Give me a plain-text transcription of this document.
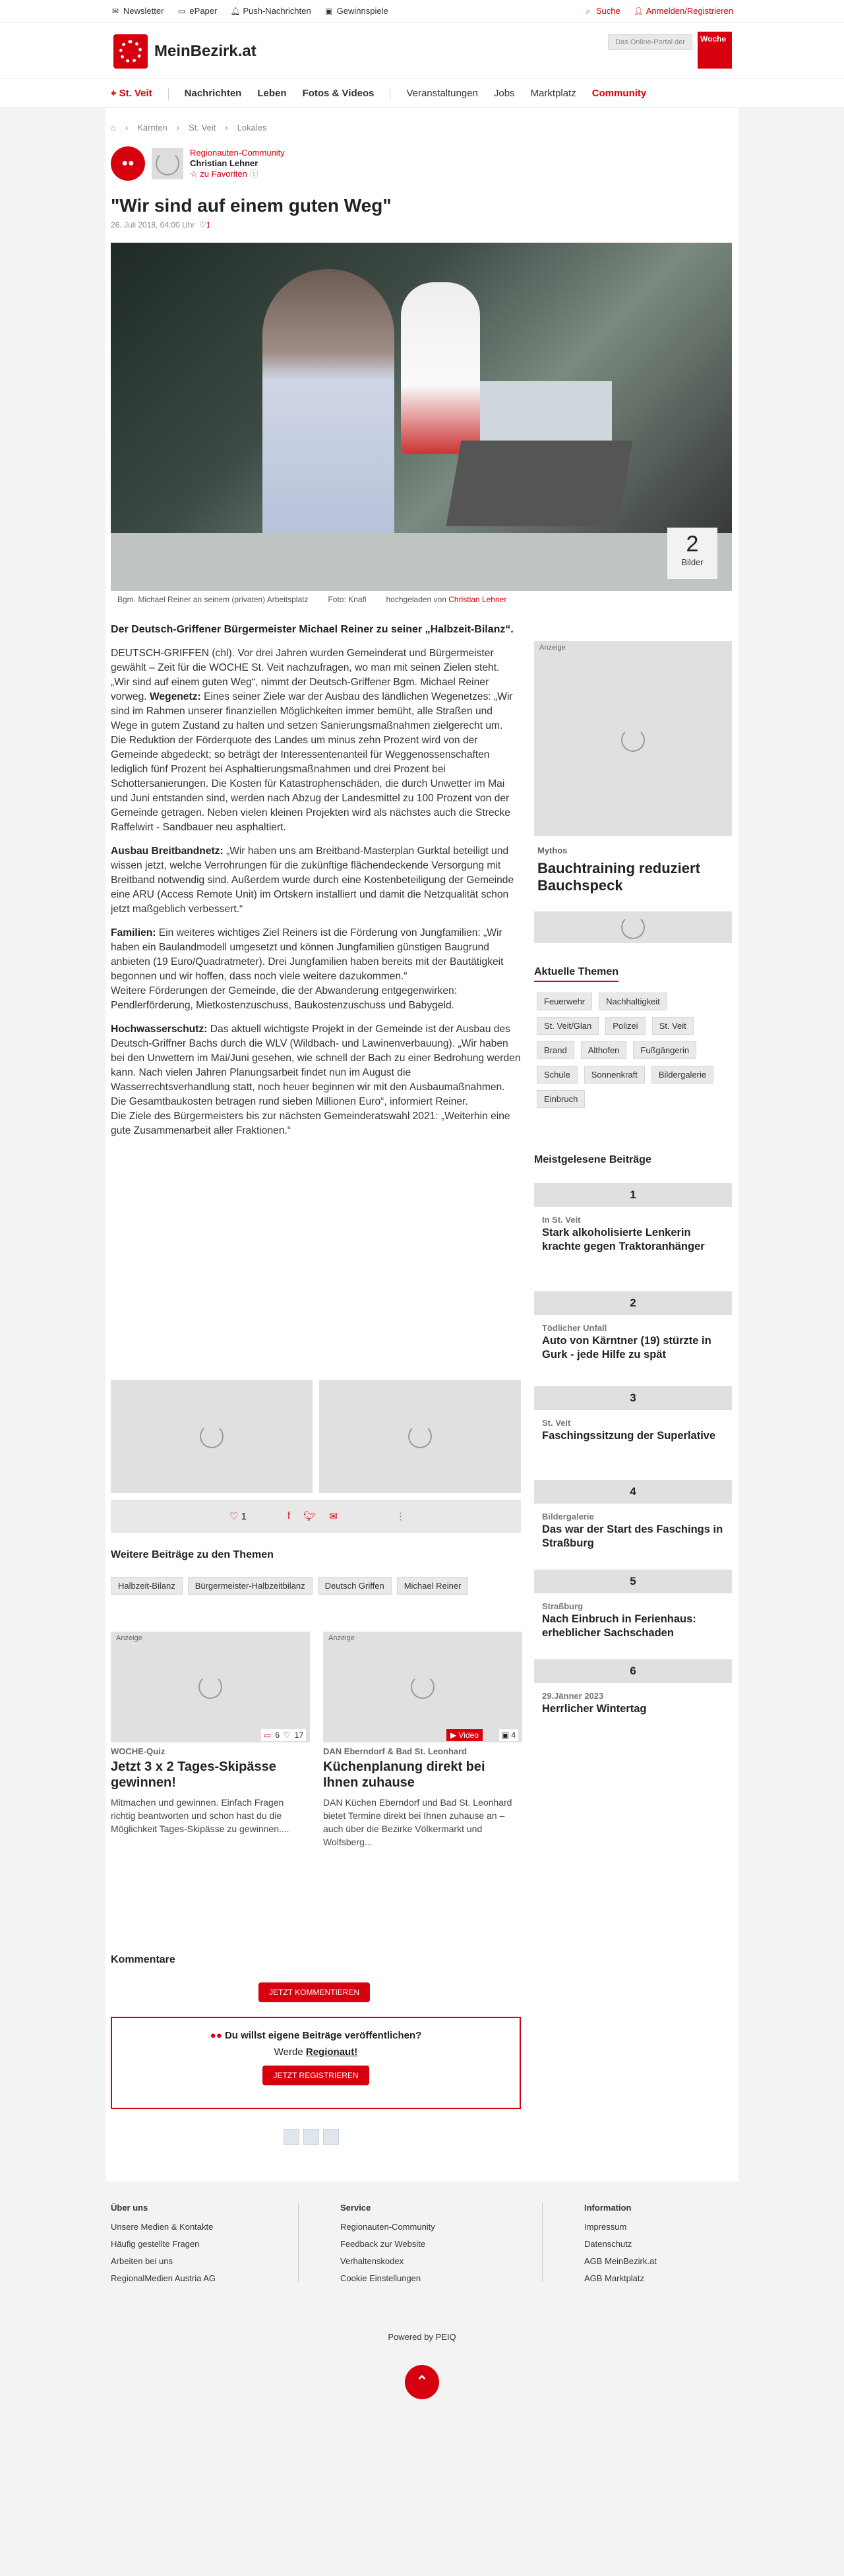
✉ Newsletter ▭ ePaper 🔔︎ Push-Nachrichten ▣ Gewinnspiele	⌕ Suche 👤︎ Anmelden/Registrieren
MeinBezirk.at	Das Online-Portal der	Woche
⌖ St. Veit	Nachrichten Leben Fotos & Videos	Veranstaltungen Jobs Marktplatz Community
⌂ › Kärnten › St. Veit › Lokales
●●
Regionauten-Community
Christian Lehner
☆ zu Favoriten ⓘ
"Wir sind auf einem guten Weg"
26. Juli 2018, 04:00 Uhr ♡1
2
Bilder
Bgm. Michael Reiner an seinem (privaten) Arbeitsplatz	Foto: Knafl	hochgeladen von Christian Lehner

Der Deutsch-Griffener Bürgermeister Michael Reiner zu seiner „Halbzeit-Bilanz“.

DEUTSCH-GRIFFEN (chl). Vor drei Jahren wurden Gemeinderat und Bürgermeister gewählt – Zeit für die WOCHE St. Veit nachzufragen, wo man mit seinen Zielen steht.
„Wir sind auf einem guten Weg“, nimmt der Deutsch-Griffener Bgm. Michael Reiner vorweg. Wegenetz: Eines seiner Ziele war der Ausbau des ländlichen Wegenetzes: „Wir sind im Rahmen unserer finanziellen Möglichkeiten immer bemüht, alle Straßen und Wege in gutem Zustand zu halten und setzen Sanierungsmaßnahmen zielgerecht um. Die Reduktion der Förderquote des Landes um minus zehn Prozent wird von der Gemeinde abgedeckt; so beträgt der Interessentenanteil für Weggenossenschaften lediglich fünf Prozent bei Asphaltierungsmaßnahmen und drei Prozent bei Schottersanierungen. Die Kosten für Katastrophenschäden, die durch Unwetter im Mai und Juni entstanden sind, werden nach Abzug der Landesmittel zu 100 Prozent von der Gemeinde getragen. Neben vielen kleinen Projekten wird als nächstes auch die Strecke Raffelwirt - Sandbauer neu asphaltiert.

Ausbau Breitbandnetz: „Wir haben uns am Breitband-Masterplan Gurktal beteiligt und wissen jetzt, welche Verrohrungen für die zukünftige flächendeckende Versorgung mit Breitband notwendig sind. Außerdem wurde durch eine Kostenbeteiligung der Gemeinde eine ARU (Access Remote Unit) im Ortskern installiert und damit die Netzqualität schon jetzt maßgeblich verbessert.“

Familien: Ein weiteres wichtiges Ziel Reiners ist die Förderung von Jungfamilien: „Wir haben ein Baulandmodell umgesetzt und können Jungfamilien günstigen Baugrund anbieten (19 Euro/Quadratmeter). Drei Jungfamilien haben bereits mit der Bautätigkeit begonnen und wir hoffen, dass noch viele weitere dazukommen.“
Weitere Förderungen der Gemeinde, die der Abwanderung entgegenwirken: Pendlerförderung, Mietkostenzuschuss, Baukostenzuschuss und Babygeld.

Hochwasserschutz: Das aktuell wichtigste Projekt in der Gemeinde ist der Ausbau des Deutsch-Griffner Bachs durch die WLV (Wildbach- und Lawinenverbauung). „Wir haben bei den Unwettern im Mai/Juni gesehen, wie schnell der Bach zu einer Bedrohung werden kann. Nach vielen Jahren Planungsarbeit findet nun im August die Wasserrechtsverhandlung statt, noch heuer beginnen wir mit den Ausbaumaßnahmen. Die Gesamtbaukosten betragen rund sieben Millionen Euro“, informiert Reiner.
Die Ziele des Bürgermeisters bis zur nächsten Gemeinderatswahl 2021: „Weiterhin eine gute Zusammenarbeit aller Fraktionen.“

♡ 1	f 🐦︎ ✉	⋮
Weitere Beiträge zu den Themen
Halbzeit-Bilanz	Bürgermeister-Halbzeitbilanz	Deutsch Griffen	Michael Reiner
Anzeige
▭ 6 ♡ 17
WOCHE-Quiz
Jetzt 3 x 2 Tages-Skipässe gewinnen!
Mitmachen und gewinnen. Einfach Fragen richtig beantworten und schon hast du die Möglichkeit Tages-Skipässe zu gewinnen....
Anzeige
▶ Video	▣ 4
DAN Eberndorf & Bad St. Leonhard
Küchenplanung direkt bei Ihnen zuhause
DAN Küchen Eberndorf und Bad St. Leonhard bietet Termine direkt bei Ihnen zuhause an – auch über die Bezirke Völkermarkt und Wolfsberg...
Kommentare
JETZT KOMMENTIEREN
●● Du willst eigene Beiträge veröffentlichen?
Werde Regionaut!
JETZT REGISTRIEREN
Anzeige
Mythos
Bauchtraining reduziert Bauchspeck
Aktuelle Themen
Feuerwehr	Nachhaltigkeit
St. Veit/Glan	Polizei	St. Veit
Brand	Althofen	Fußgängerin
Schule	Sonnenkraft	Bildergalerie
Einbruch
Meistgelesene Beiträge
1
In St. Veit
Stark alkoholisierte Lenkerin krachte gegen Traktoranhänger
2
Tödlicher Unfall
Auto von Kärntner (19) stürzte in Gurk - jede Hilfe zu spät
3
St. Veit
Faschingssitzung der Superlative
4
Bildergalerie
Das war der Start des Faschings in Straßburg
5
Straßburg
Nach Einbruch in Ferienhaus: erheblicher Sachschaden
6
29.Jänner 2023
Herrlicher Wintertag
Über uns
Unsere Medien & Kontakte
Häufig gestellte Fragen
Arbeiten bei uns
RegionalMedien Austria AG
Service
Regionauten-Community
Feedback zur Website
Verhaltenskodex
Cookie Einstellungen
Information
Impressum
Datenschutz
AGB MeinBezirk.at
AGB Marktplatz
Powered by PEIQ
⌃
